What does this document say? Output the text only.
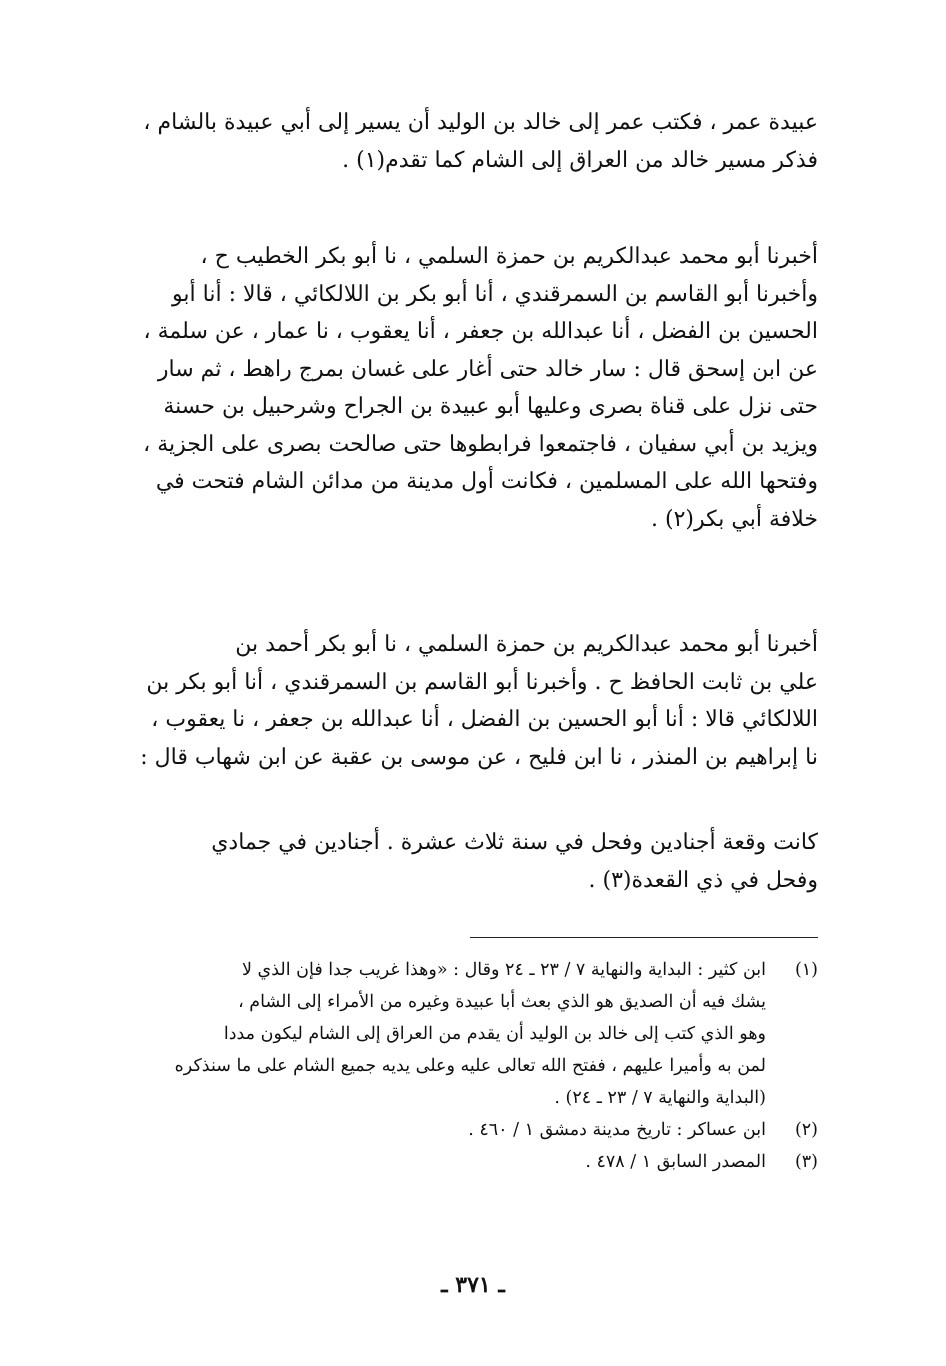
عبيدة عمر ، فكتب عمر إلى خالد بن الوليد أن يسير إلى أبي عبيدة بالشام ،
فذكر مسير خالد من العراق إلى الشام كما تقدم(١) .

أخبرنا أبو محمد عبدالكريم بن حمزة السلمي ، نا أبو بكر الخطيب ح ،
وأخبرنا أبو القاسم بن السمرقندي ، أنا أبو بكر بن اللالكائي ، قالا : أنا أبو
الحسين بن الفضل ، أنا عبدالله بن جعفر ، أنا يعقوب ، نا عمار ، عن سلمة ،
عن ابن إسحق قال : سار خالد حتى أغار على غسان بمرج راهط ، ثم سار
حتى نزل على قناة بصرى وعليها أبو عبيدة بن الجراح وشرحبيل بن حسنة
ويزيد بن أبي سفيان ، فاجتمعوا فرابطوها حتى صالحت بصرى على الجزية ،
وفتحها الله على المسلمين ، فكانت أول مدينة من مدائن الشام فتحت في
خلافة أبي بكر(٢) .

أخبرنا أبو محمد عبدالكريم بن حمزة السلمي ، نا أبو بكر أحمد بن
علي بن ثابت الحافظ ح . وأخبرنا أبو القاسم بن السمرقندي ، أنا أبو بكر بن
اللالكائي قالا : أنا أبو الحسين بن الفضل ، أنا عبدالله بن جعفر ، نا يعقوب ،
نا إبراهيم بن المنذر ، نا ابن فليح ، عن موسى بن عقبة عن ابن شهاب قال :

كانت وقعة أجنادين وفحل في سنة ثلاث عشرة . أجنادين في جمادي
وفحل في ذي القعدة(٣) .

(١)
ابن كثير : البداية والنهاية ٧ / ٢٣ ـ ٢٤ وقال : «وهذا غريب جدا فإن الذي لا
يشك فيه أن الصديق هو الذي بعث أبا عبيدة وغيره من الأمراء إلى الشام ،
وهو الذي كتب إلى خالد بن الوليد أن يقدم من العراق إلى الشام ليكون مددا
لمن به وأميرا عليهم ، ففتح الله تعالى عليه وعلى يديه جميع الشام على ما سنذكره
(البداية والنهاية ٧ / ٢٣ ـ ٢٤) .
(٢)
ابن عساكر : تاريخ مدينة دمشق ١ / ٤٦٠ .
(٣)
المصدر السابق ١ / ٤٧٨ .
ـ ٣٧١ ـ
